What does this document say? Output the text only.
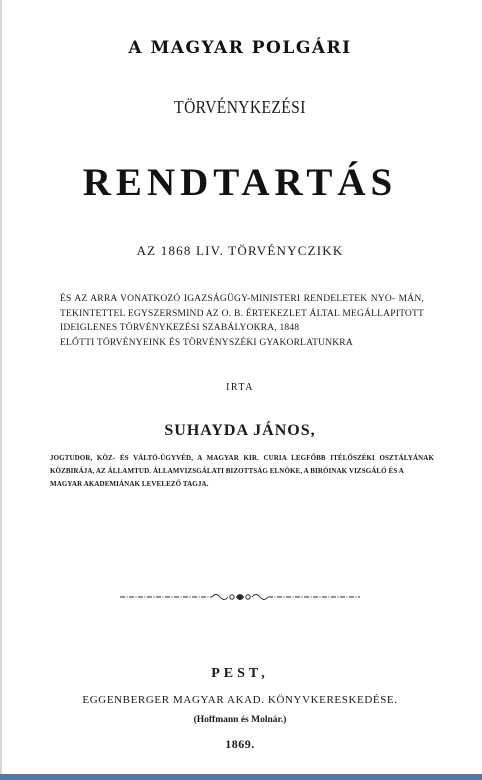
A MAGYAR POLGÁRI
TÖRVÉNYKEZÉSI
RENDTARTÁS
AZ 1868 LIV. TÖRVÉNYCZIKK
ÉS AZ ARRA VONATKOZÓ IGAZSÁGÜGY-MINISTERI RENDELETEK NYO- MÁN, TEKINTETTEL EGYSZERSMIND AZ O. B. ÉRTEKEZLET ÁLTAL MEGÁLLAPITOTT IDEIGLENES TÖRVÉNYKEZÉSI SZABÁLYOKRA, 1848
ELŐTTI TÖRVÉNYEINK ÉS TÖRVÉNYSZÉKI GYAKORLATUNKRA
IRTA
SUHAYDA JÁNOS,
JOGTUDOR, KÖZ- ÉS VÁLTÓ-ÜGYVÉD, A MAGYAR KIR. CURIA LEGFŐBB ITÉLŐSZÉKI OSZTÁLYÁNAK KÖZBIRÁJA, AZ ÁLLAMTUD. ÁLLAMVIZSGÁLATI BIZOTTSÁG ELNÖKE, A BIRÓINAK VIZSGÁLÓ ÉS A
MAGYAR AKADEMIÁNAK LEVELEZŐ TAGJA.
PEST,
EGGENBERGER MAGYAR AKAD. KÖNYVKERESKEDÉSE.
(Hoffmann és Molnár.)
1869.
